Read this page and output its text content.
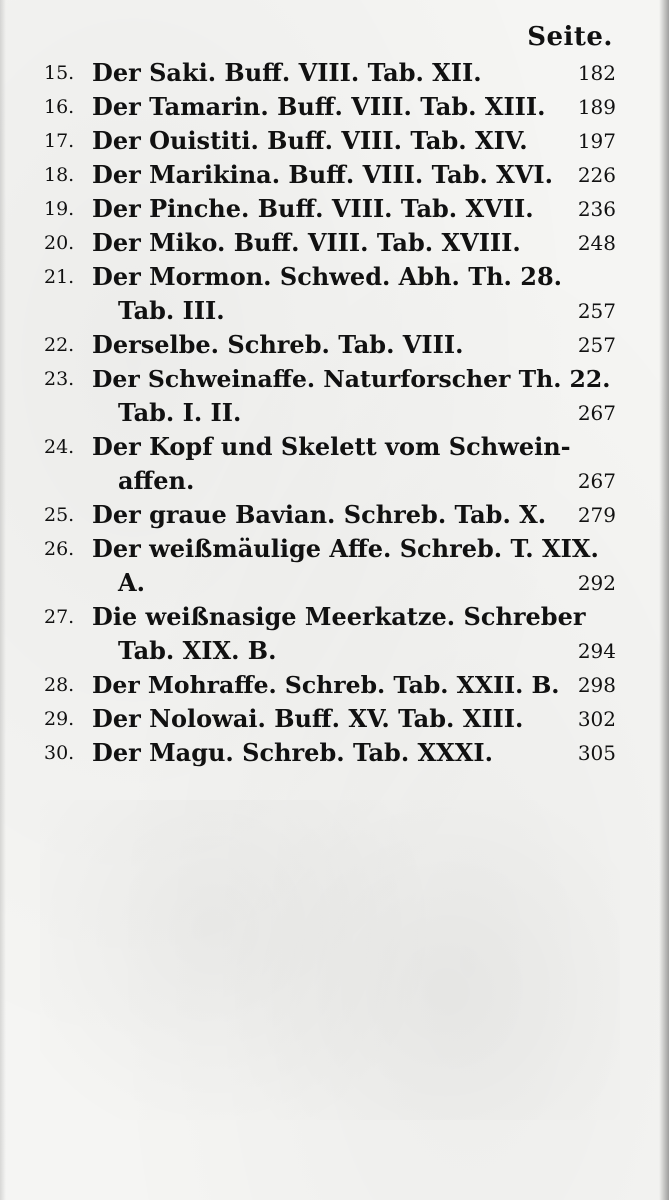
Seite.
15. Der Saki. Buff. VIII. Tab. XII.	182
16. Der Tamarin. Buff. VIII. Tab. XIII. 189
17. Der Ouistiti. Buff. VIII. Tab. XIV.	197
18. Der Marikina. Buff. VIII. Tab. XVI. 226
19. Der Pinche. Buff. VIII. Tab. XVII. 236
20. Der Miko. Buff. VIII. Tab. XVIII.	248
21. Der Mormon. Schwed. Abh. Th. 28.
Tab. III.	257
22. Derselbe. Schreb. Tab. VIII.	257
23. Der Schweinaffe. Naturforscher Th. 22.
Tab. I. II.	267
24. Der Kopf und Skelett vom Schwein-
affen.	267
25. Der graue Bavian. Schreb. Tab. X. 279
26. Der weißmäulige Affe. Schreb. T. XIX.
A.	292
27. Die weißnasige Meerkatze. Schreber
Tab. XIX. B.	294
28. Der Mohraffe. Schreb. Tab. XXII. B. 298
29. Der Nolowai. Buff. XV. Tab. XIII.	302
30. Der Magu. Schreb. Tab. XXXI.	305
